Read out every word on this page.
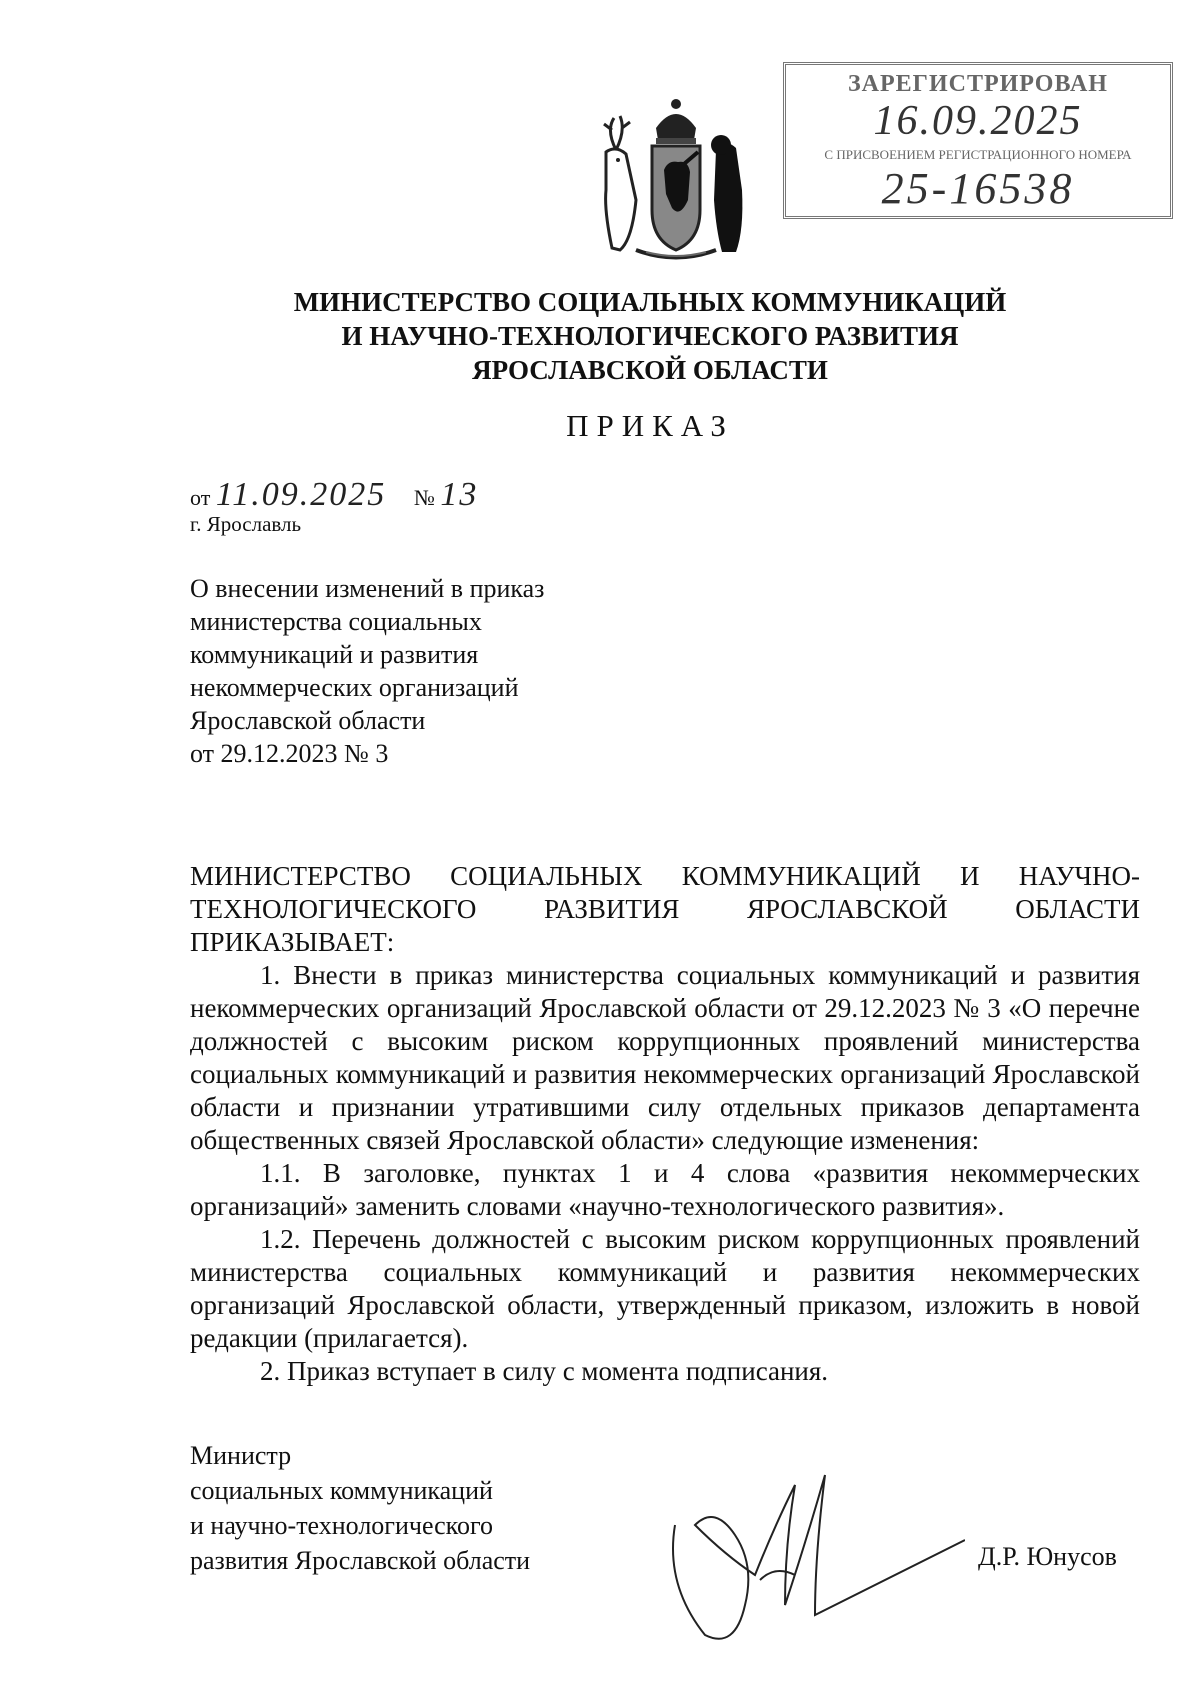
ЗАРЕГИСТРИРОВАН
16.09.2025
С ПРИСВОЕНИЕМ РЕГИСТРАЦИОННОГО НОМЕРА
25-16538
МИНИСТЕРСТВО СОЦИАЛЬНЫХ КОММУНИКАЦИЙ
И НАУЧНО-ТЕХНОЛОГИЧЕСКОГО РАЗВИТИЯ
ЯРОСЛАВСКОЙ ОБЛАСТИ
ПРИКАЗ
от 11.09.2025 № 13
г. Ярославль
О внесении изменений в приказ
министерства социальных
коммуникаций и развития
некоммерческих организаций
Ярославской области
от 29.12.2023 № 3

МИНИСТЕРСТВО СОЦИАЛЬНЫХ КОММУНИКАЦИЙ И НАУЧНО-ТЕХНОЛОГИЧЕСКОГО РАЗВИТИЯ ЯРОСЛАВСКОЙ ОБЛАСТИ ПРИКАЗЫВАЕТ:

1. Внести в приказ министерства социальных коммуникаций и развития некоммерческих организаций Ярославской области от 29.12.2023 № 3 «О перечне должностей с высоким риском коррупционных проявлений министерства социальных коммуникаций и развития некоммерческих организаций Ярославской области и признании утратившими силу отдельных приказов департамента общественных связей Ярославской области» следующие изменения:

1.1. В заголовке, пунктах 1 и 4 слова «развития некоммерческих организаций» заменить словами «научно-технологического развития».

1.2. Перечень должностей с высоким риском коррупционных проявлений министерства социальных коммуникаций и развития некоммерческих организаций Ярославской области, утвержденный приказом, изложить в новой редакции (прилагается).

2. Приказ вступает в силу с момента подписания.

Министр
социальных коммуникаций
и научно-технологического
развития Ярославской области	Д.Р. Юнусов
